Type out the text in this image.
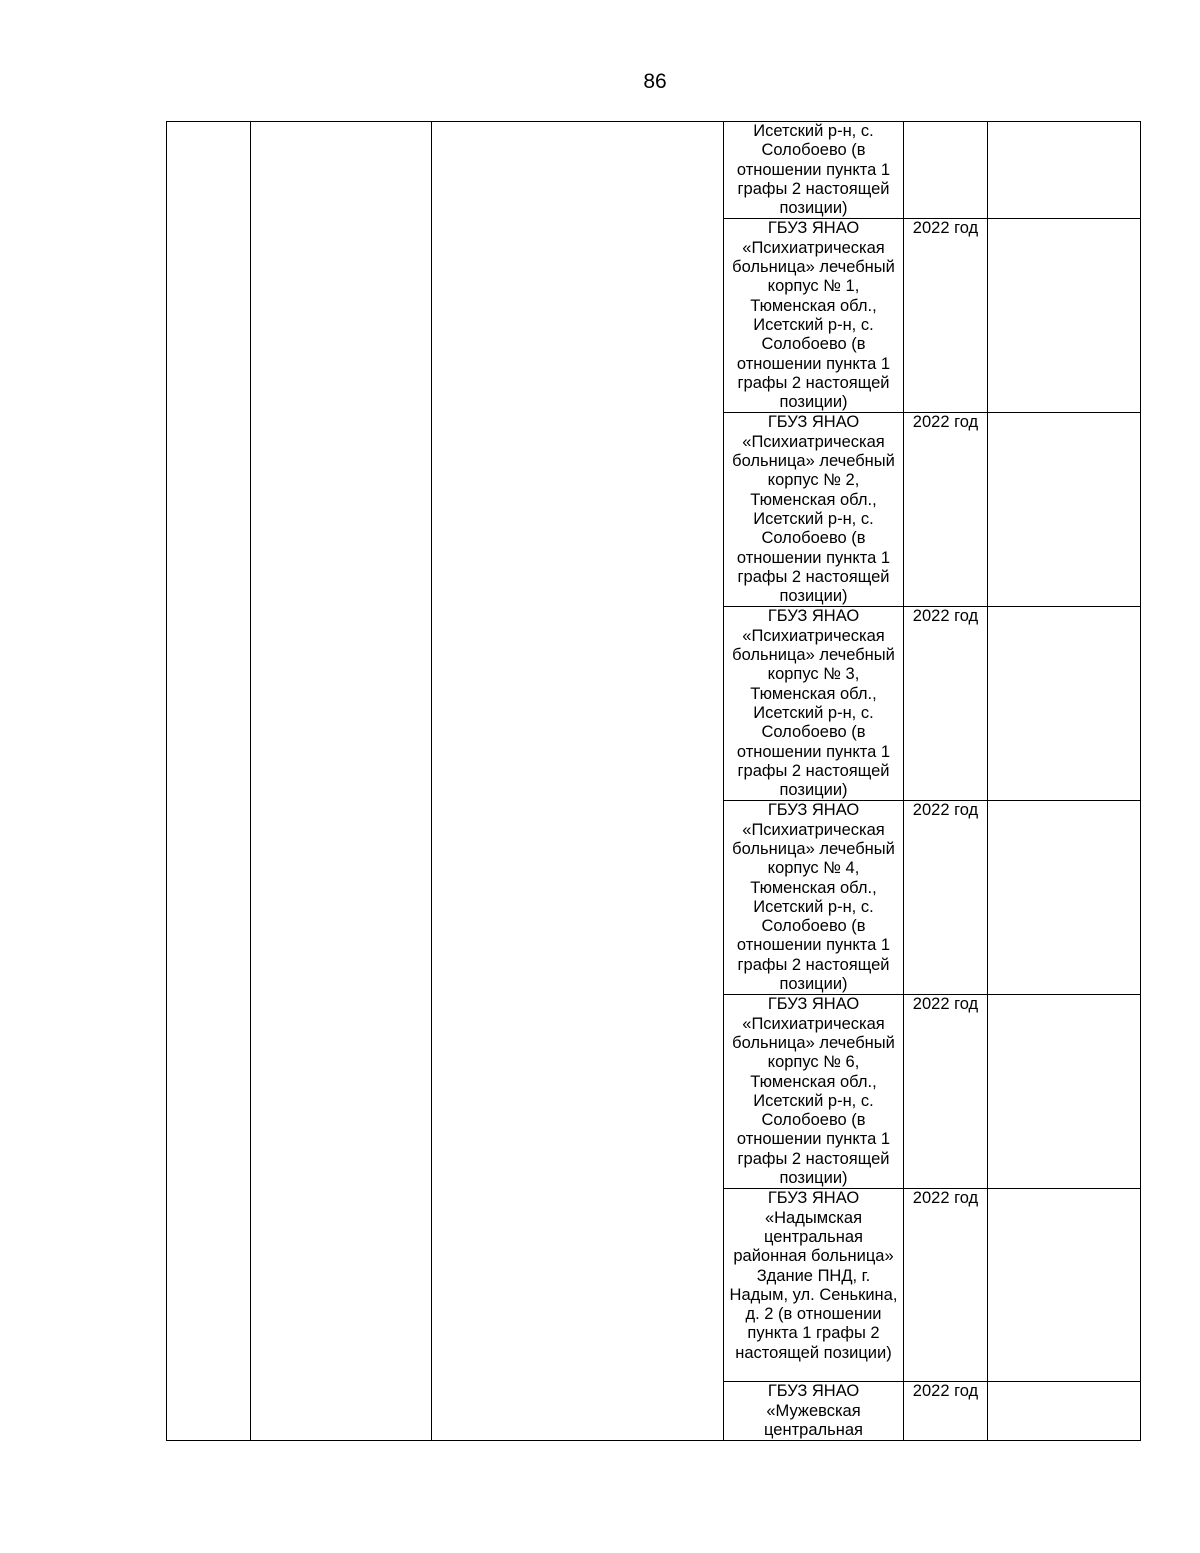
86
			Исетский р-н, с. Солобоево (в отношении пункта 1 графы 2 настоящей позиции)		
			ГБУЗ ЯНАО «Психиатрическая больница» лечебный корпус № 1, Тюменская обл., Исетский р-н, с. Солобоево (в отношении пункта 1 графы 2 настоящей позиции)	2022 год	
			ГБУЗ ЯНАО «Психиатрическая больница» лечебный корпус № 2, Тюменская обл., Исетский р-н, с. Солобоево (в отношении пункта 1 графы 2 настоящей позиции)	2022 год	
			ГБУЗ ЯНАО «Психиатрическая больница» лечебный корпус № 3, Тюменская обл., Исетский р-н, с. Солобоево (в отношении пункта 1 графы 2 настоящей позиции)	2022 год	
			ГБУЗ ЯНАО «Психиатрическая больница» лечебный корпус № 4, Тюменская обл., Исетский р-н, с. Солобоево (в отношении пункта 1 графы 2 настоящей позиции)	2022 год	
			ГБУЗ ЯНАО «Психиатрическая больница» лечебный корпус № 6, Тюменская обл., Исетский р-н, с. Солобоево (в отношении пункта 1 графы 2 настоящей позиции)	2022 год	
			ГБУЗ ЯНАО «Надымская центральная районная больница» Здание ПНД, г. Надым, ул. Сенькина, д. 2 (в отношении пункта 1 графы 2 настоящей позиции)	2022 год	
			ГБУЗ ЯНАО «Мужевская центральная	2022 год	
